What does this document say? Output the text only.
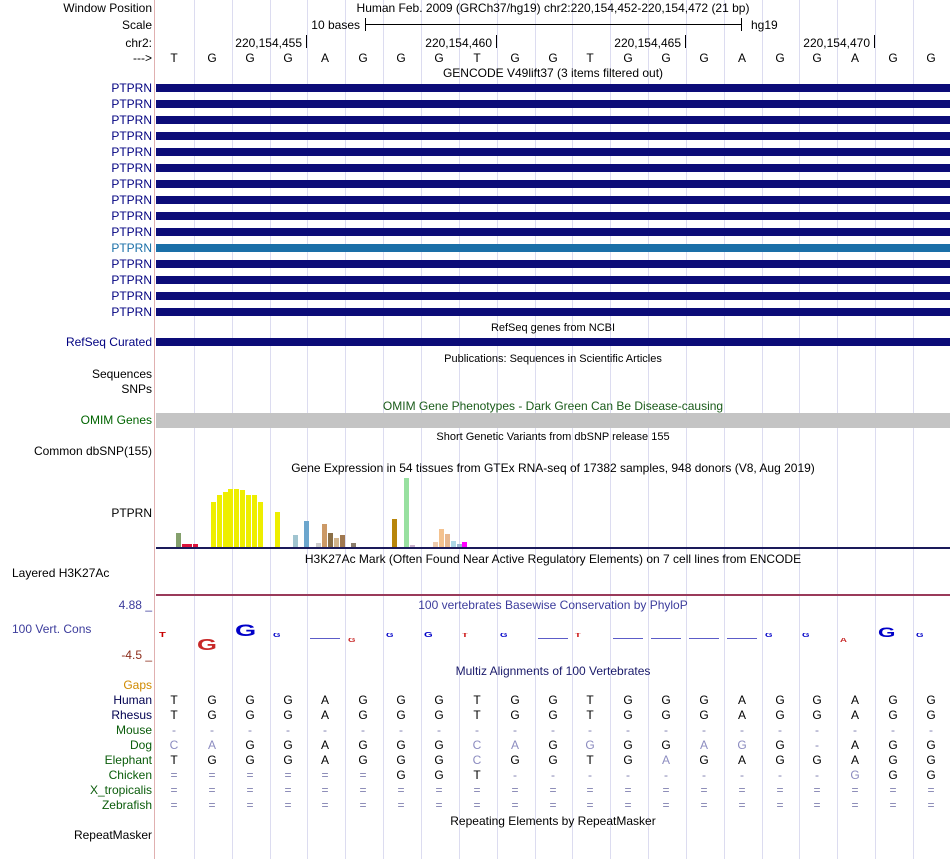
Window Position	Human Feb. 2009 (GRCh37/hg19) chr2:220,154,452-220,154,472 (21 bp)
Scale	10 bases	hg19
chr2:	220,154,455	220,154,460	220,154,465	220,154,470
--->	T	G	G	G	A	G	G	G	T	G	G	T	G	G	G	A	G	G	A	G	G
GENCODE V49lift37 (3 items filtered out)
PTPRN
PTPRN
PTPRN
PTPRN
PTPRN
PTPRN
PTPRN
PTPRN
PTPRN
PTPRN
PTPRN
PTPRN
PTPRN
PTPRN
PTPRN
RefSeq genes from NCBI
RefSeq Curated
Publications: Sequences in Scientific Articles
Sequences
SNPs
OMIM Gene Phenotypes - Dark Green Can Be Disease-causing
OMIM Genes
Short Genetic Variants from dbSNP release 155
Common dbSNP(155)
Gene Expression in 54 tissues from GTEx RNA-seq of 17382 samples, 948 donors (V8, Aug 2019)
PTPRN
H3K27Ac Mark (Often Found Near Active Regulatory Elements) on 7 cell lines from ENCODE
Layered H3K27Ac
100 vertebrates Basewise Conservation by PhyloP
4.88 _
100 Vert. Cons
-4.5 _
T
G
G	G
G
G	G	T	G	T	G	G
A
G	G
Multiz Alignments of 100 Vertebrates
Gaps
Human	T	G	G	G	A	G	G	G	T	G	G	T	G	G	G	A	G	G	A	G	G
Rhesus	T	G	G	G	A	G	G	G	T	G	G	T	G	G	G	A	G	G	A	G	G
Mouse	-	-	-	-	-	-	-	-	-	-	-	-	-	-	-	-	-	-	-	-	-
Dog	C	A	G	G	A	G	G	G	C	A	G	G	G	G	A	G	G	-	A	G	G
Elephant	T	G	G	G	A	G	G	G	C	G	G	T	G	A	G	A	G	G	A	G	G
Chicken	=	=	=	=	=	=	G	G	T	-	-	-	-	-	-	-	-	-	G	G	G
X_tropicalis	=	=	=	=	=	=	=	=	=	=	=	=	=	=	=	=	=	=	=	=	=
Zebrafish	=	=	=	=	=	=	=	=	=	=	=	=	=	=	=	=	=	=	=	=	=
Repeating Elements by RepeatMasker
RepeatMasker
